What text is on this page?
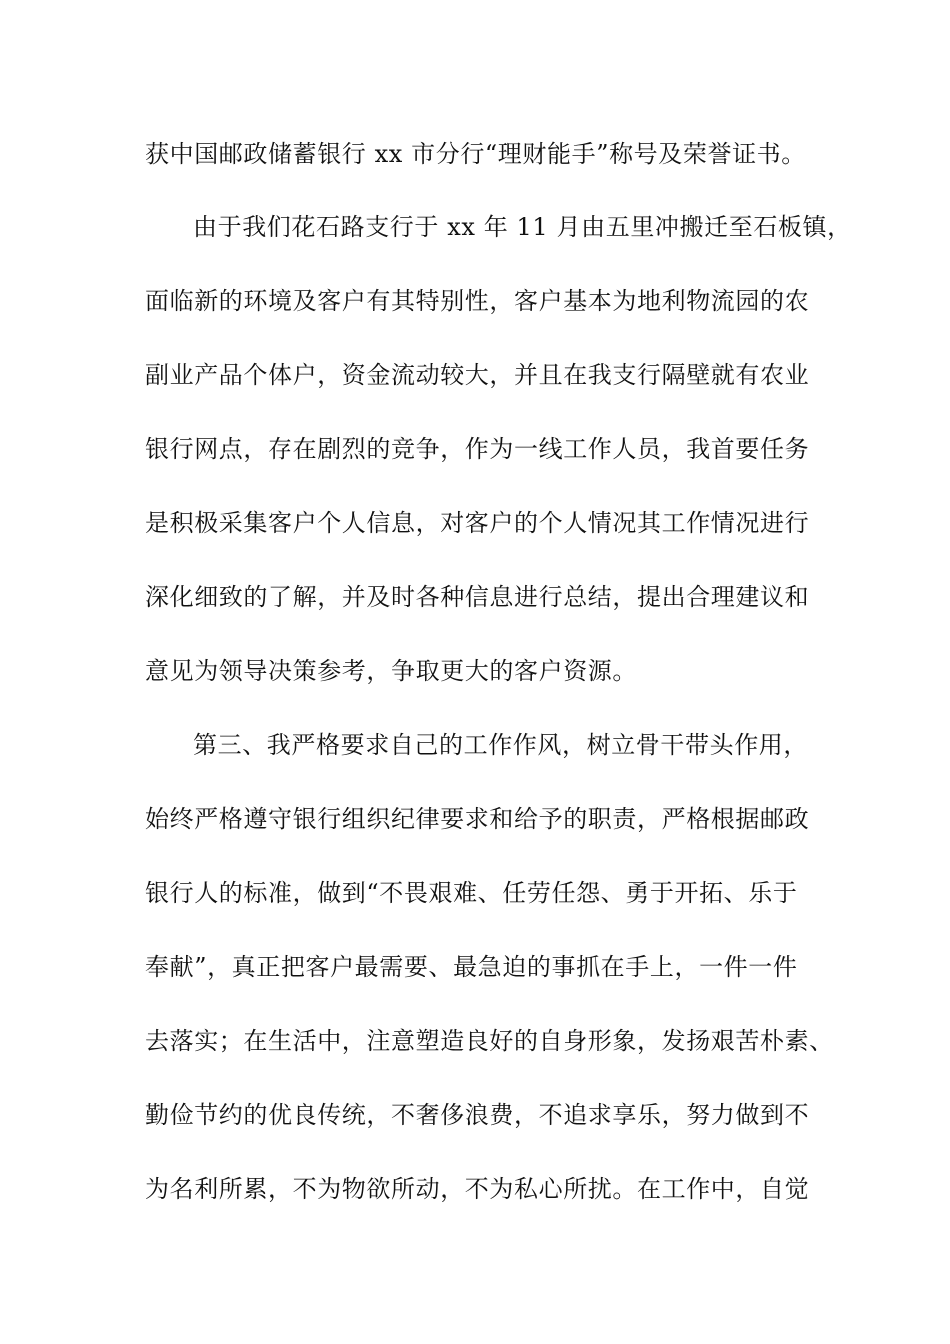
获中国邮政储蓄银行 xx 市分行“理财能手”称号及荣誉证书。

由于我们花石路支行于 xx 年 11 月由五里冲搬迁至石板镇，

面临新的环境及客户有其特别性，客户基本为地利物流园的农

副业产品个体户，资金流动较大，并且在我支行隔壁就有农业

银行网点，存在剧烈的竞争，作为一线工作人员，我首要任务

是积极采集客户个人信息，对客户的个人情况其工作情况进行

深化细致的了解，并及时各种信息进行总结，提出合理建议和

意见为领导决策参考，争取更大的客户资源。

第三、我严格要求自己的工作作风，树立骨干带头作用，

始终严格遵守银行组织纪律要求和给予的职责，严格根据邮政

银行人的标准，做到“不畏艰难、任劳任怨、勇于开拓、乐于

奉献”，真正把客户最需要、最急迫的事抓在手上，一件一件

去落实；在生活中，注意塑造良好的自身形象，发扬艰苦朴素、

勤俭节约的优良传统，不奢侈浪费，不追求享乐，努力做到不

为名利所累，不为物欲所动，不为私心所扰。在工作中，自觉
